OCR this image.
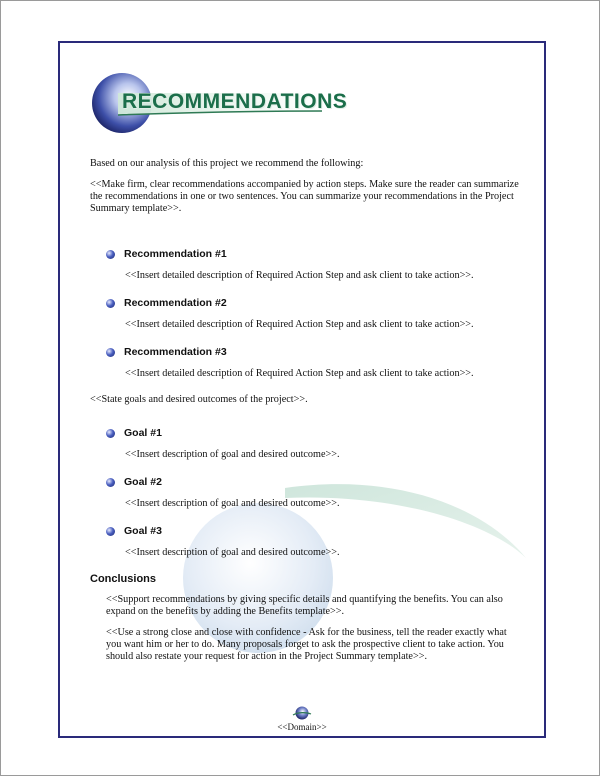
RECOMMENDATIONS

Based on our analysis of this project we recommend the following:

<<Make firm, clear recommendations accompanied by action steps. Make sure the reader can summarize the recommendations in one or two sentences. You can summarize your recommendations in the Project Summary template>>.

Recommendation #1
<<Insert detailed description of Required Action Step and ask client to take action>>.
Recommendation #2
<<Insert detailed description of Required Action Step and ask client to take action>>.
Recommendation #3
<<Insert detailed description of Required Action Step and ask client to take action>>.

<<State goals and desired outcomes of the project>>.

Goal #1
<<Insert description of goal and desired outcome>>.
Goal #2
<<Insert description of goal and desired outcome>>.
Goal #3
<<Insert description of goal and desired outcome>>.
Conclusions

<<Support recommendations by giving specific details and quantifying the benefits. You can also expand on the benefits by adding the Benefits template>>.

<<Use a strong close and close with confidence - Ask for the business, tell the reader exactly what you want him or her to do. Many proposals forget to ask the prospective client to take action. You should also restate your request for action in the Project Summary template>>.

<<Domain>>
